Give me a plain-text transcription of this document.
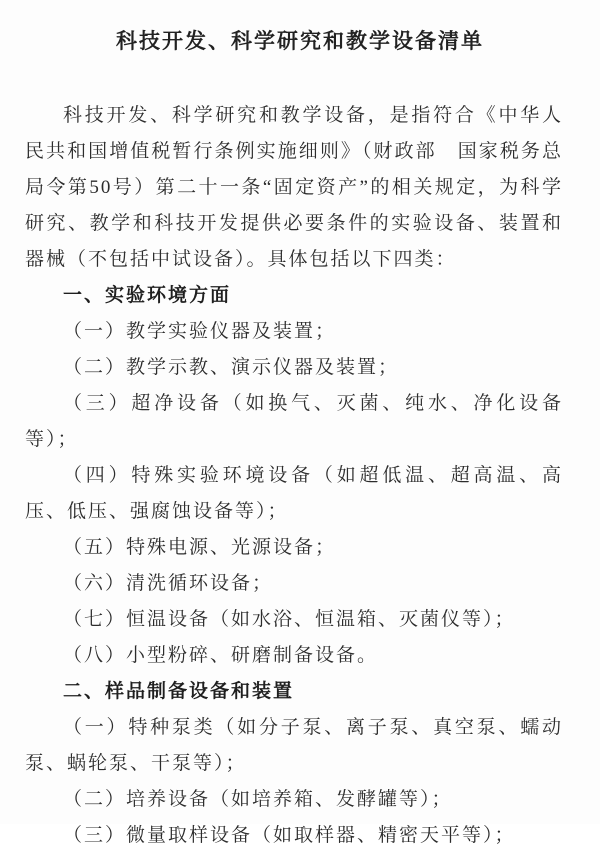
科技开发、科学研究和教学设备清单

科技开发、科学研究和教学设备，是指符合《中华人民共和国增值税暂行条例实施细则》（财政部　国家税务总局令第50号）第二十一条“固定资产”的相关规定，为科学研究、教学和科技开发提供必要条件的实验设备、装置和器械（不包括中试设备）。具体包括以下四类：

一、实验环境方面

（一）教学实验仪器及装置；

（二）教学示教、演示仪器及装置；

（三）超净设备（如换气、灭菌、纯水、净化设备等）；

（四）特殊实验环境设备（如超低温、超高温、高压、低压、强腐蚀设备等）；

（五）特殊电源、光源设备；

（六）清洗循环设备；

（七）恒温设备（如水浴、恒温箱、灭菌仪等）；

（八）小型粉碎、研磨制备设备。

二、样品制备设备和装置

（一）特种泵类（如分子泵、离子泵、真空泵、蠕动泵、蜗轮泵、干泵等）；

（二）培养设备（如培养箱、发酵罐等）；

（三）微量取样设备（如取样器、精密天平等）；
